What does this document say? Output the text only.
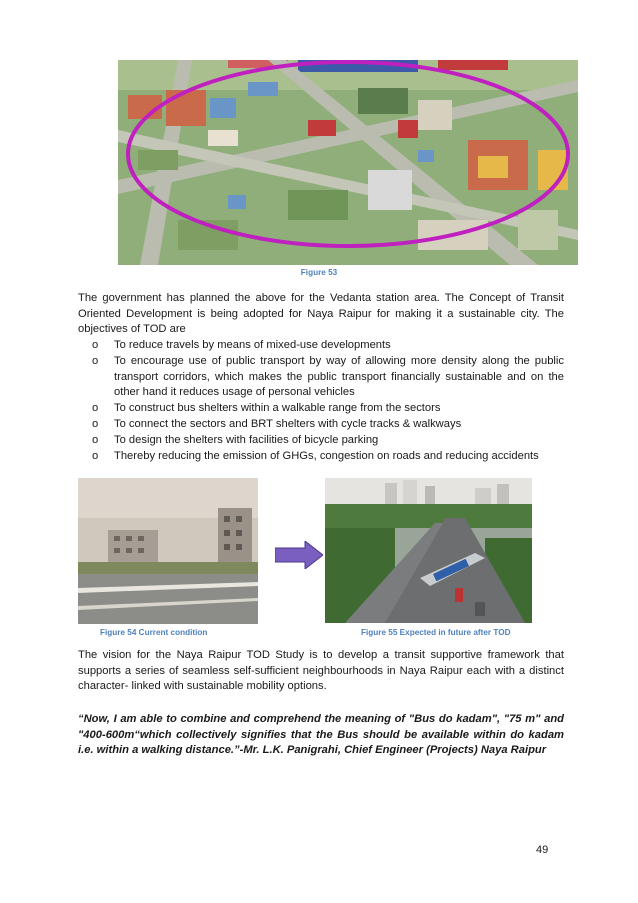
Figure 53

The government has planned the above for the Vedanta station area. The Concept of Transit Oriented Development is being adopted for Naya Raipur for making it a sustainable city. The objectives of TOD are

o To reduce travels by means of mixed-use developments
o To encourage use of public transport by way of allowing more density along the public transport corridors, which makes the public transport financially sustainable and on the other hand it reduces usage of personal vehicles
o To construct bus shelters within a walkable range from the sectors
o To connect the sectors and BRT shelters with cycle tracks & walkways
o To design the shelters with facilities of bicycle parking
o Thereby reducing the emission of GHGs, congestion on roads and reducing accidents
Figure 54 Current condition	Figure 55 Expected in future after TOD

The vision for the Naya Raipur TOD Study is to develop a transit supportive framework that supports a series of seamless self-sufficient neighbourhoods in Naya Raipur each with a distinct character- linked with sustainable mobility options.

“Now, I am able to combine and comprehend the meaning of "Bus do kadam", "75 m" and "400-600m“which collectively signifies that the Bus should be available within do kadam i.e. within a walking distance.”-Mr. L.K. Panigrahi, Chief Engineer (Projects) Naya Raipur

49
